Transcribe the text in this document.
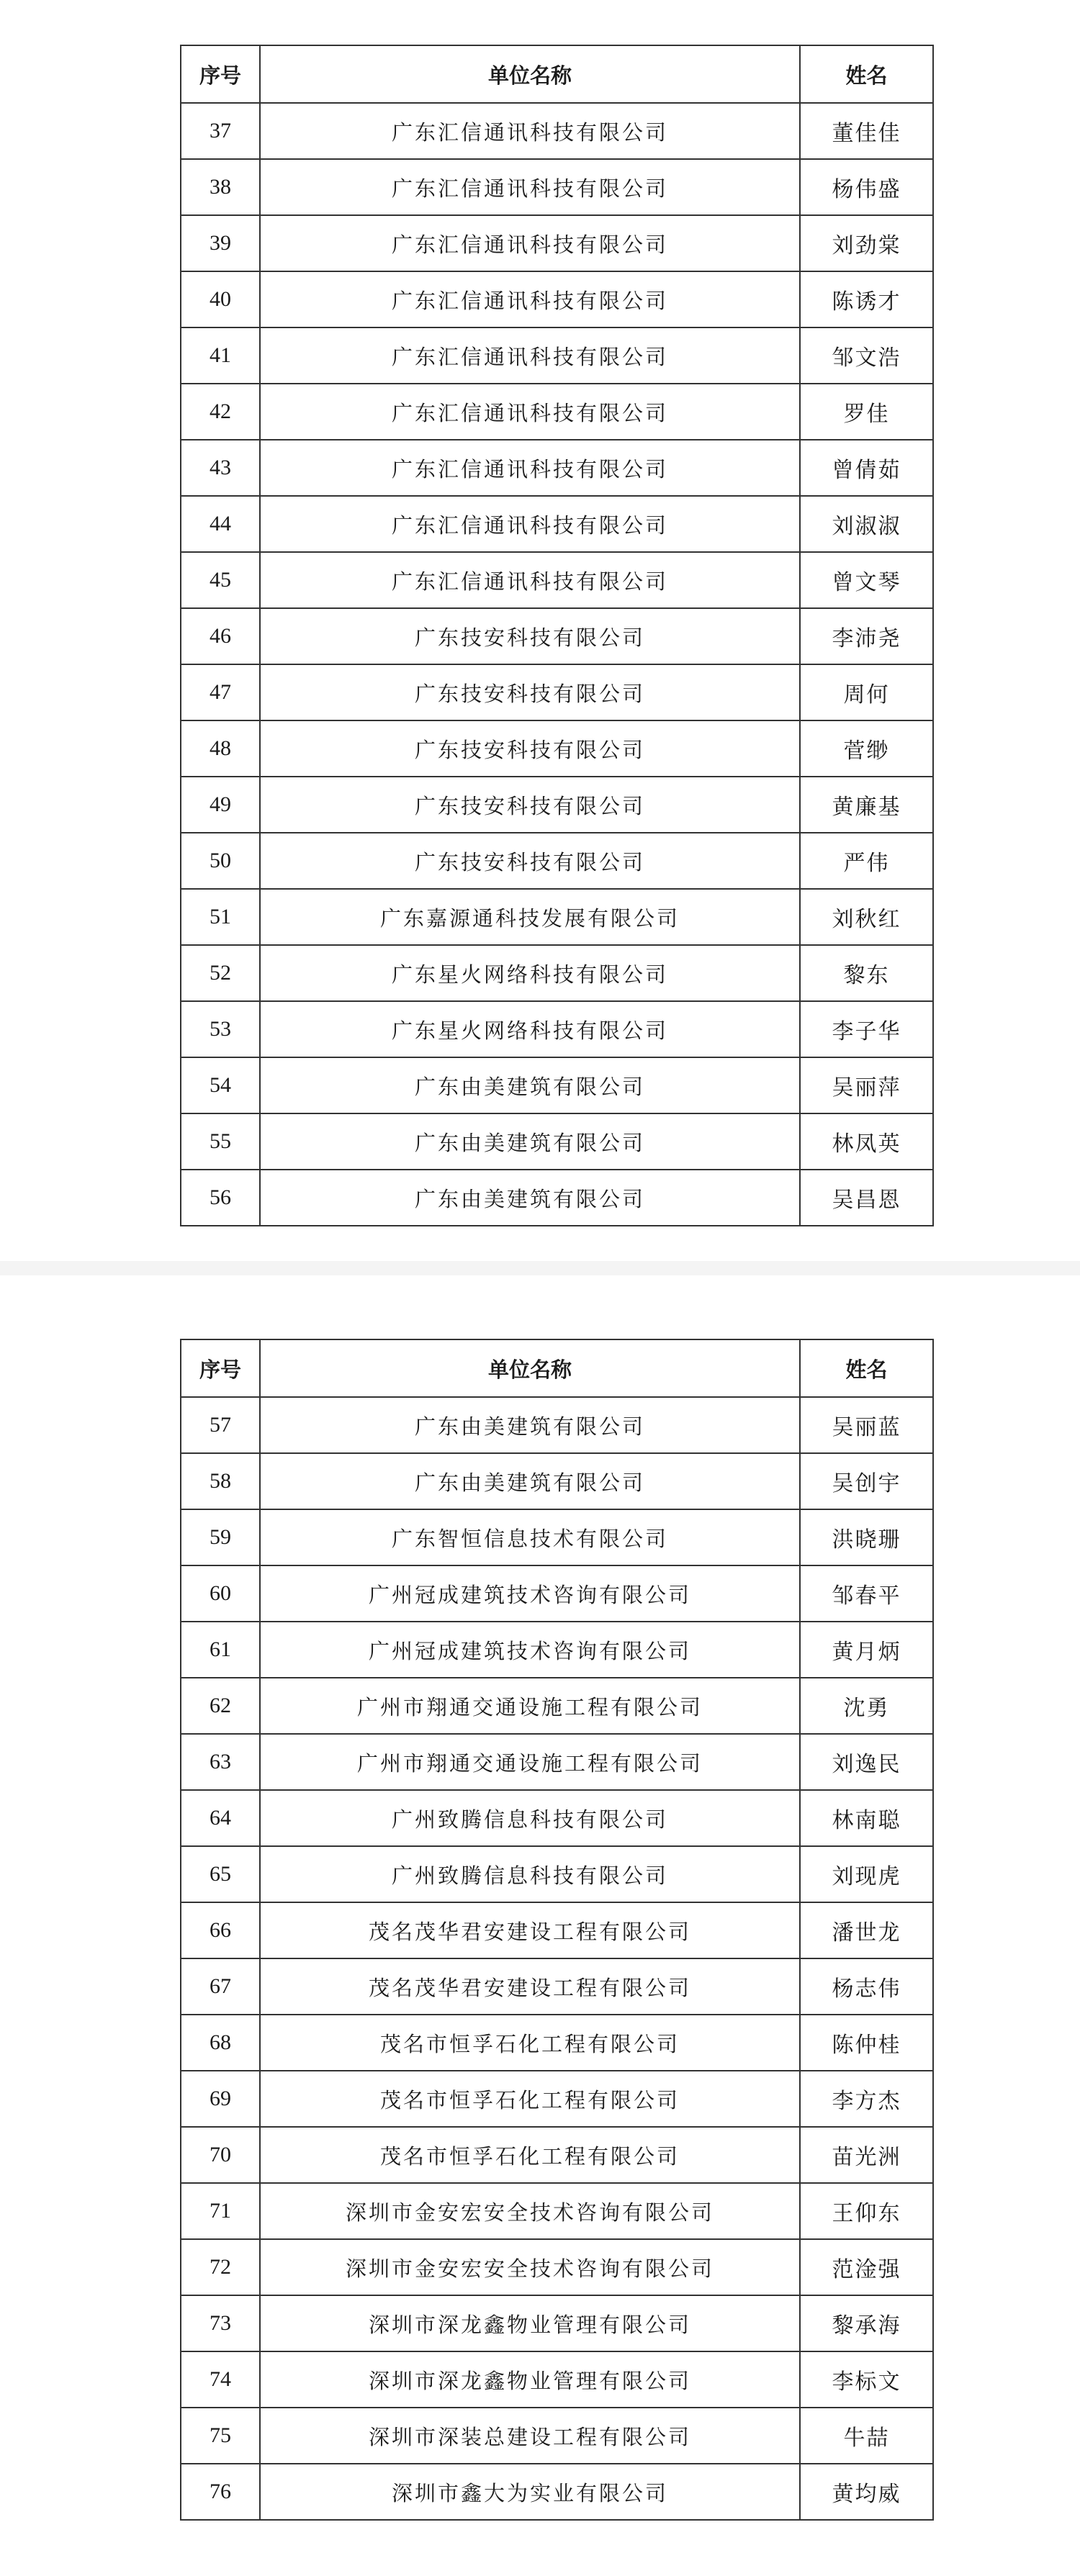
序号	单位名称	姓名
37	广东汇信通讯科技有限公司	董佳佳
38	广东汇信通讯科技有限公司	杨伟盛
39	广东汇信通讯科技有限公司	刘劲棠
40	广东汇信通讯科技有限公司	陈诱才
41	广东汇信通讯科技有限公司	邹文浩
42	广东汇信通讯科技有限公司	罗佳
43	广东汇信通讯科技有限公司	曾倩茹
44	广东汇信通讯科技有限公司	刘淑淑
45	广东汇信通讯科技有限公司	曾文琴
46	广东技安科技有限公司	李沛尧
47	广东技安科技有限公司	周何
48	广东技安科技有限公司	菅缈
49	广东技安科技有限公司	黄廉基
50	广东技安科技有限公司	严伟
51	广东嘉源通科技发展有限公司	刘秋红
52	广东星火网络科技有限公司	黎东
53	广东星火网络科技有限公司	李子华
54	广东由美建筑有限公司	吴丽萍
55	广东由美建筑有限公司	林凤英
56	广东由美建筑有限公司	吴昌恩
序号	单位名称	姓名
57	广东由美建筑有限公司	吴丽蓝
58	广东由美建筑有限公司	吴创宇
59	广东智恒信息技术有限公司	洪晓珊
60	广州冠成建筑技术咨询有限公司	邹春平
61	广州冠成建筑技术咨询有限公司	黄月炳
62	广州市翔通交通设施工程有限公司	沈勇
63	广州市翔通交通设施工程有限公司	刘逸民
64	广州致腾信息科技有限公司	林南聪
65	广州致腾信息科技有限公司	刘现虎
66	茂名茂华君安建设工程有限公司	潘世龙
67	茂名茂华君安建设工程有限公司	杨志伟
68	茂名市恒孚石化工程有限公司	陈仲桂
69	茂名市恒孚石化工程有限公司	李方杰
70	茂名市恒孚石化工程有限公司	苗光洲
71	深圳市金安宏安全技术咨询有限公司	王仰东
72	深圳市金安宏安全技术咨询有限公司	范淦强
73	深圳市深龙鑫物业管理有限公司	黎承海
74	深圳市深龙鑫物业管理有限公司	李标文
75	深圳市深装总建设工程有限公司	牛喆
76	深圳市鑫大为实业有限公司	黄均威
